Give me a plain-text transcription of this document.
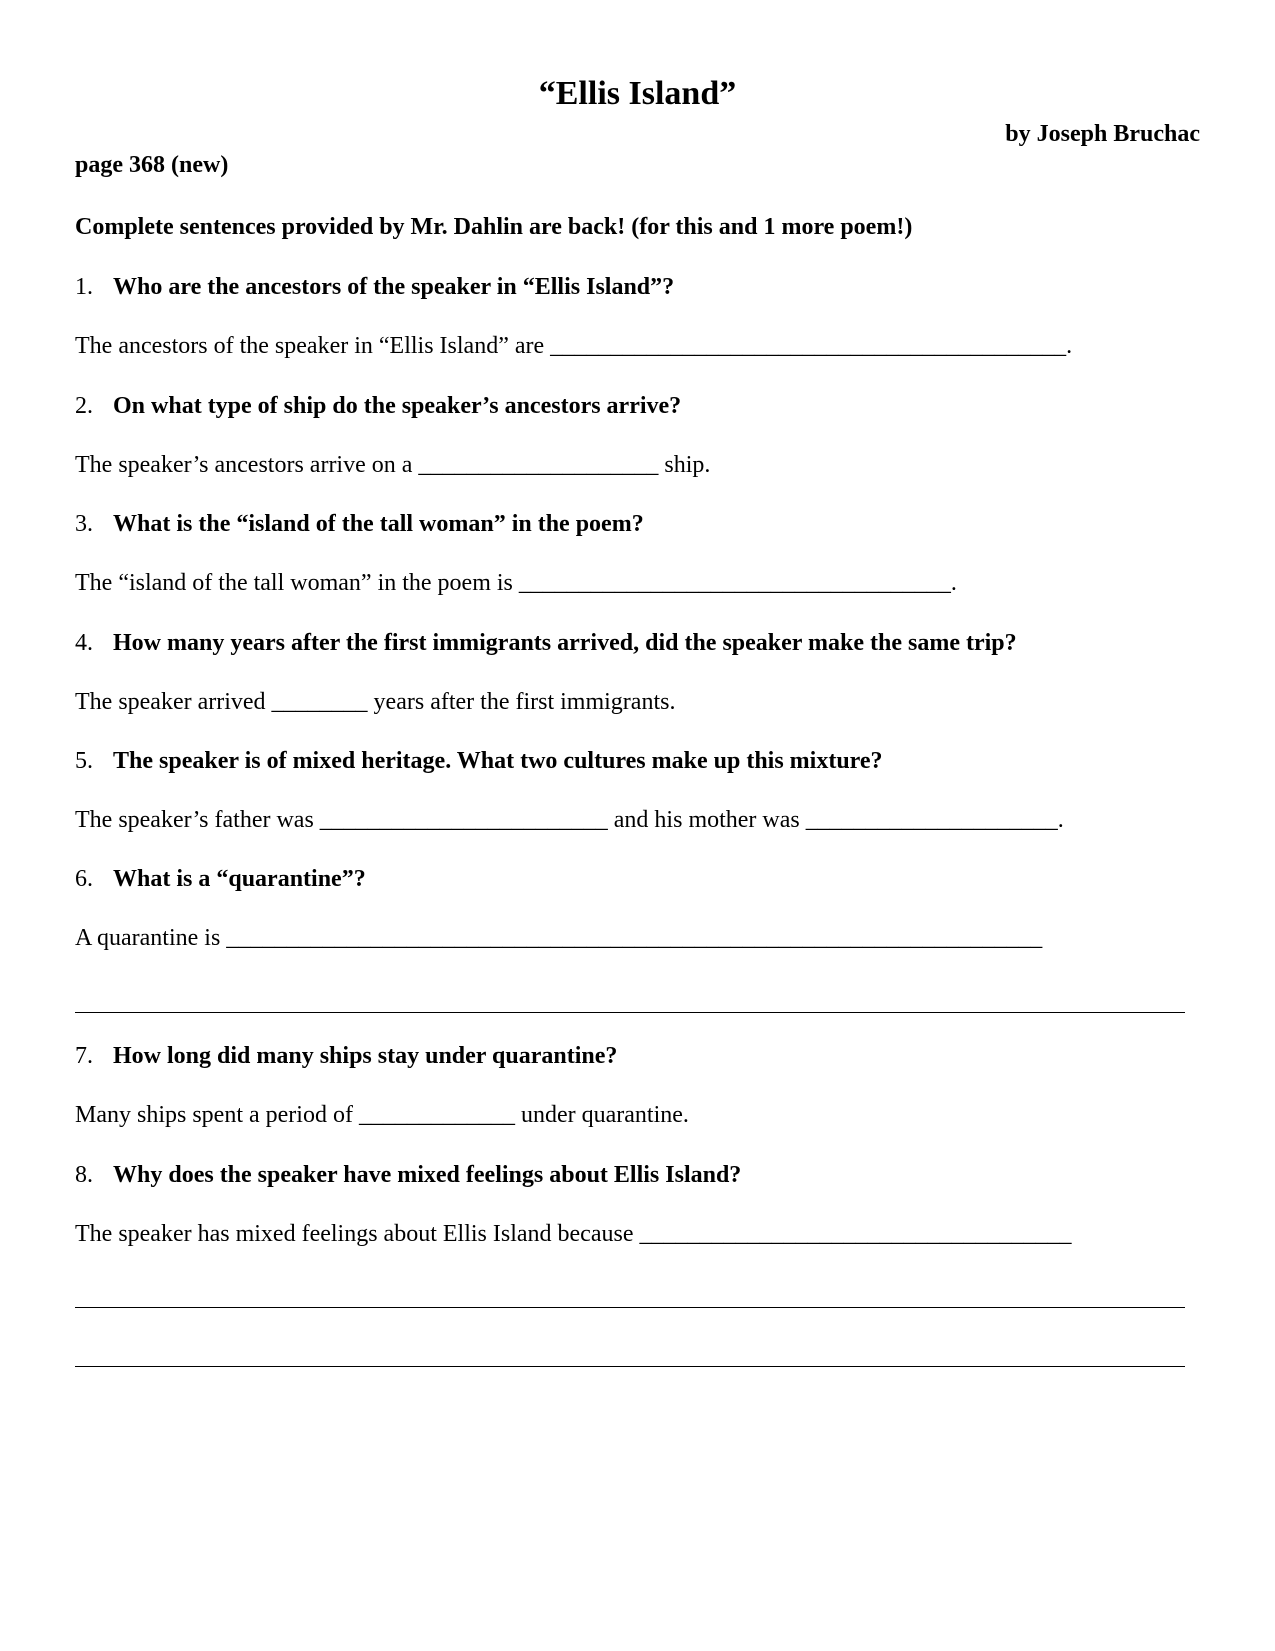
“Ellis Island”
by Joseph Bruchac
page 368 (new)
Complete sentences provided by Mr. Dahlin are back! (for this and 1 more poem!)
1. Who are the ancestors of the speaker in “Ellis Island”?
The ancestors of the speaker in “Ellis Island” are ___________________________________________.
2. On what type of ship do the speaker’s ancestors arrive?
The speaker’s ancestors arrive on a ____________________ ship.
3. What is the “island of the tall woman” in the poem?
The “island of the tall woman” in the poem is ____________________________________.
4. How many years after the first immigrants arrived, did the speaker make the same trip?
The speaker arrived ________ years after the first immigrants.
5. The speaker is of mixed heritage. What two cultures make up this mixture?
The speaker’s father was ________________________ and his mother was _____________________.
6. What is a “quarantine”?
A quarantine is ____________________________________________________________________
7. How long did many ships stay under quarantine?
Many ships spent a period of _____________ under quarantine.
8. Why does the speaker have mixed feelings about Ellis Island?
The speaker has mixed feelings about Ellis Island because ____________________________________
